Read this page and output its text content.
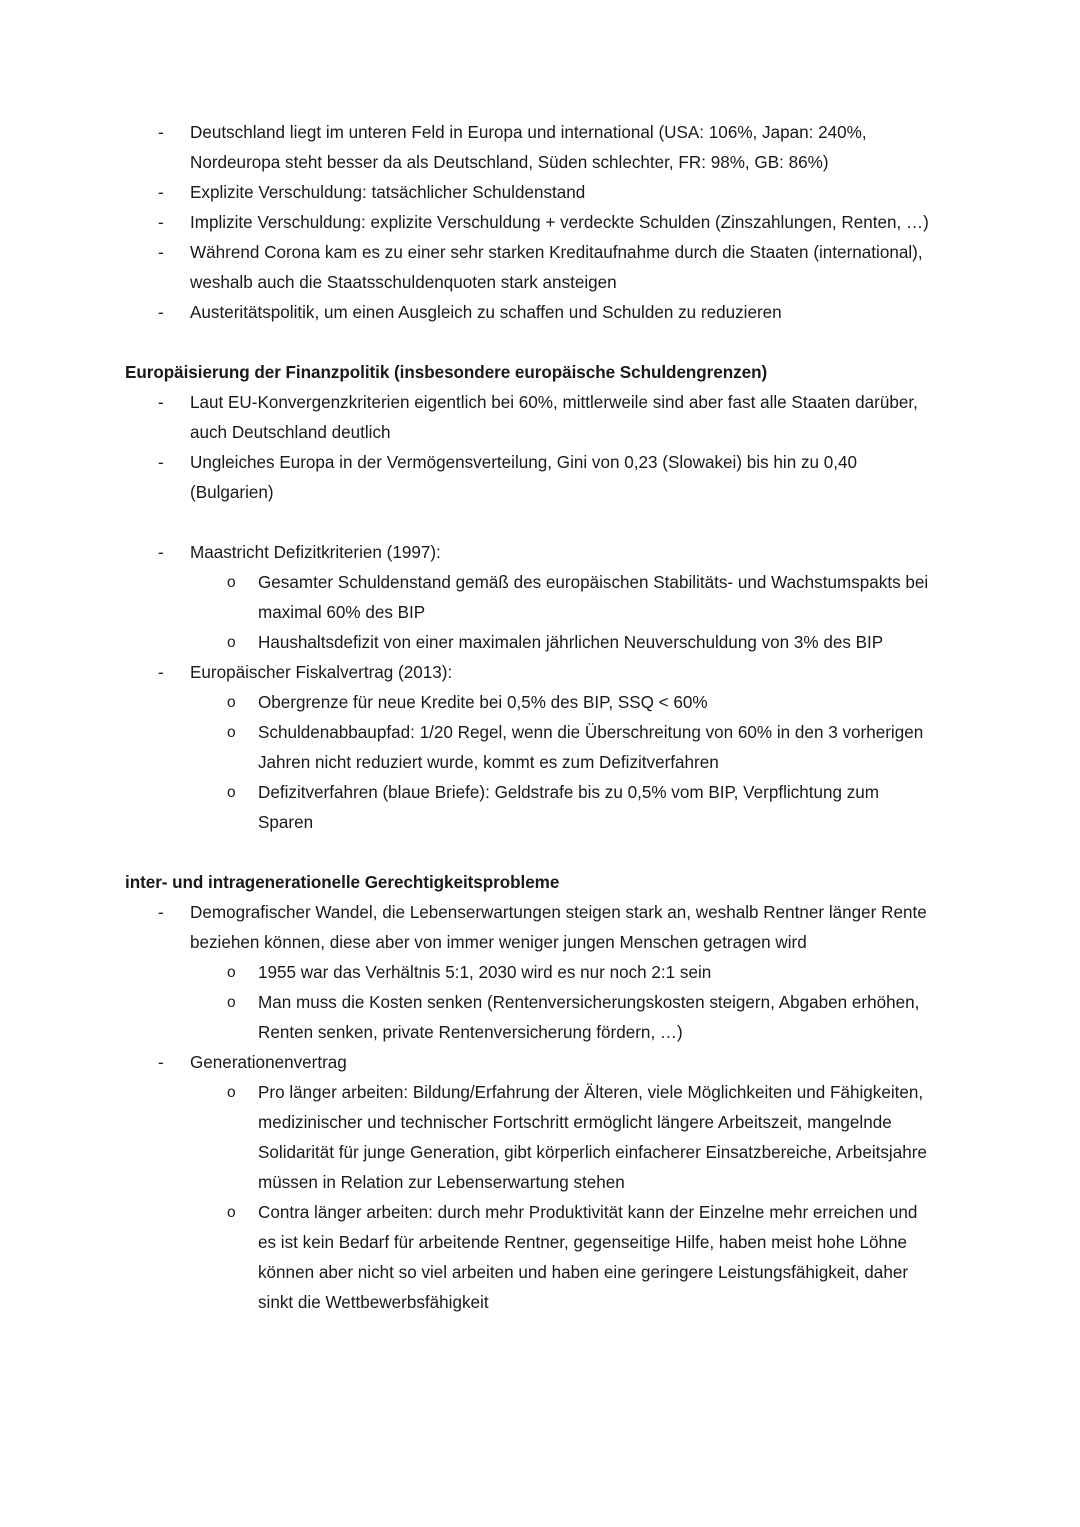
- Deutschland liegt im unteren Feld in Europa und international (USA: 106%, Japan: 240%, Nordeuropa steht besser da als Deutschland, Süden schlechter, FR: 98%, GB: 86%)
- Explizite Verschuldung: tatsächlicher Schuldenstand
- Implizite Verschuldung: explizite Verschuldung + verdeckte Schulden (Zinszahlungen, Renten, …)
- Während Corona kam es zu einer sehr starken Kreditaufnahme durch die Staaten (international), weshalb auch die Staatsschuldenquoten stark ansteigen
- Austeritätspolitik, um einen Ausgleich zu schaffen und Schulden zu reduzieren

Europäisierung der Finanzpolitik (insbesondere europäische Schuldengrenzen)
- Laut EU-Konvergenzkriterien eigentlich bei 60%, mittlerweile sind aber fast alle Staaten darüber, auch Deutschland deutlich
- Ungleiches Europa in der Vermögensverteilung, Gini von 0,23 (Slowakei) bis hin zu 0,40 (Bulgarien)

- Maastricht Defizitkriterien (1997):
o Gesamter Schuldenstand gemäß des europäischen Stabilitäts- und Wachstumspakts bei maximal 60% des BIP
o Haushaltsdefizit von einer maximalen jährlichen Neuverschuldung von 3% des BIP
- Europäischer Fiskalvertrag (2013):
o Obergrenze für neue Kredite bei 0,5% des BIP, SSQ < 60%
o Schuldenabbaupfad: 1/20 Regel, wenn die Überschreitung von 60% in den 3 vorherigen Jahren nicht reduziert wurde, kommt es zum Defizitverfahren
o Defizitverfahren (blaue Briefe): Geldstrafe bis zu 0,5% vom BIP, Verpflichtung zum Sparen

inter- und intragenerationelle Gerechtigkeitsprobleme
- Demografischer Wandel, die Lebenserwartungen steigen stark an, weshalb Rentner länger Rente beziehen können, diese aber von immer weniger jungen Menschen getragen wird
o 1955 war das Verhältnis 5:1, 2030 wird es nur noch 2:1 sein
o Man muss die Kosten senken (Rentenversicherungskosten steigern, Abgaben erhöhen, Renten senken, private Rentenversicherung fördern, …)
- Generationenvertrag
o Pro länger arbeiten: Bildung/Erfahrung der Älteren, viele Möglichkeiten und Fähigkeiten, medizinischer und technischer Fortschritt ermöglicht längere Arbeitszeit, mangelnde Solidarität für junge Generation, gibt körperlich einfacherer Einsatzbereiche, Arbeitsjahre müssen in Relation zur Lebenserwartung stehen
o Contra länger arbeiten: durch mehr Produktivität kann der Einzelne mehr erreichen und es ist kein Bedarf für arbeitende Rentner, gegenseitige Hilfe, haben meist hohe Löhne können aber nicht so viel arbeiten und haben eine geringere Leistungsfähigkeit, daher sinkt die Wettbewerbsfähigkeit
